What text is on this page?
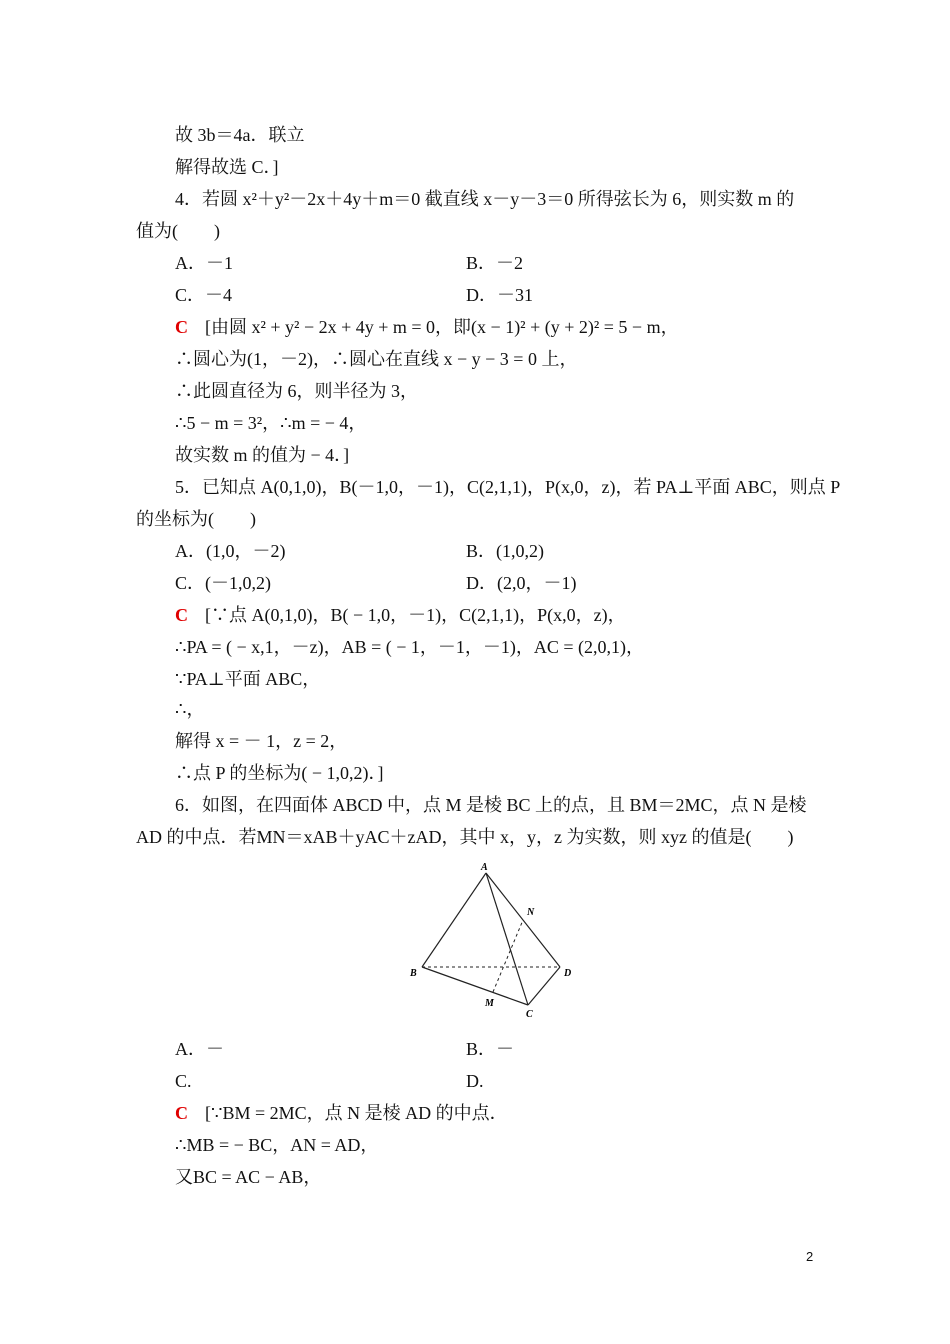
故 3b＝4a．联立
解得故选 C．]
4．若圆 x²＋y²－2x＋4y＋m＝0 截直线 x－y－3＝0 所得弦长为 6，则实数 m 的
值为(　　)
A．－1	B．－2
C．－4	D．－31
C [由圆 x² + y² − 2x + 4y + m = 0，即(x − 1)² + (y + 2)² = 5 − m，
∴圆心为(1，－2)，∴圆心在直线 x − y − 3 = 0 上，
∴此圆直径为 6，则半径为 3，
∴5 − m = 3²，∴m = − 4，
故实数 m 的值为 − 4．]
5．已知点 A(0,1,0)，B(－1,0，－1)，C(2,1,1)，P(x,0，z)，若 PA⊥平面 ABC，则点 P
的坐标为(　　)
A．(1,0，－2)	B．(1,0,2)
C．(－1,0,2)	D．(2,0，－1)
C [∵点 A(0,1,0)，B( − 1,0，－1)，C(2,1,1)，P(x,0，z)，
∴PA = ( − x,1，－z)，AB = ( − 1，－1，－1)，AC = (2,0,1)，
∵PA⊥平面 ABC，
∴，
解得 x = － 1，z = 2，
∴点 P 的坐标为( − 1,0,2)．]
6．如图，在四面体 ABCD 中，点 M 是棱 BC 上的点，且 BM＝2MC，点 N 是棱
AD 的中点．若MN＝xAB＋yAC＋zAD，其中 x，y，z 为实数，则 xyz 的值是(　　)
A
B
C
D
M
N
A．－	B．－
C.	D.
C [∵BM = 2MC，点 N 是棱 AD 的中点．
∴MB = − BC，AN = AD，
又BC = AC − AB，
2
